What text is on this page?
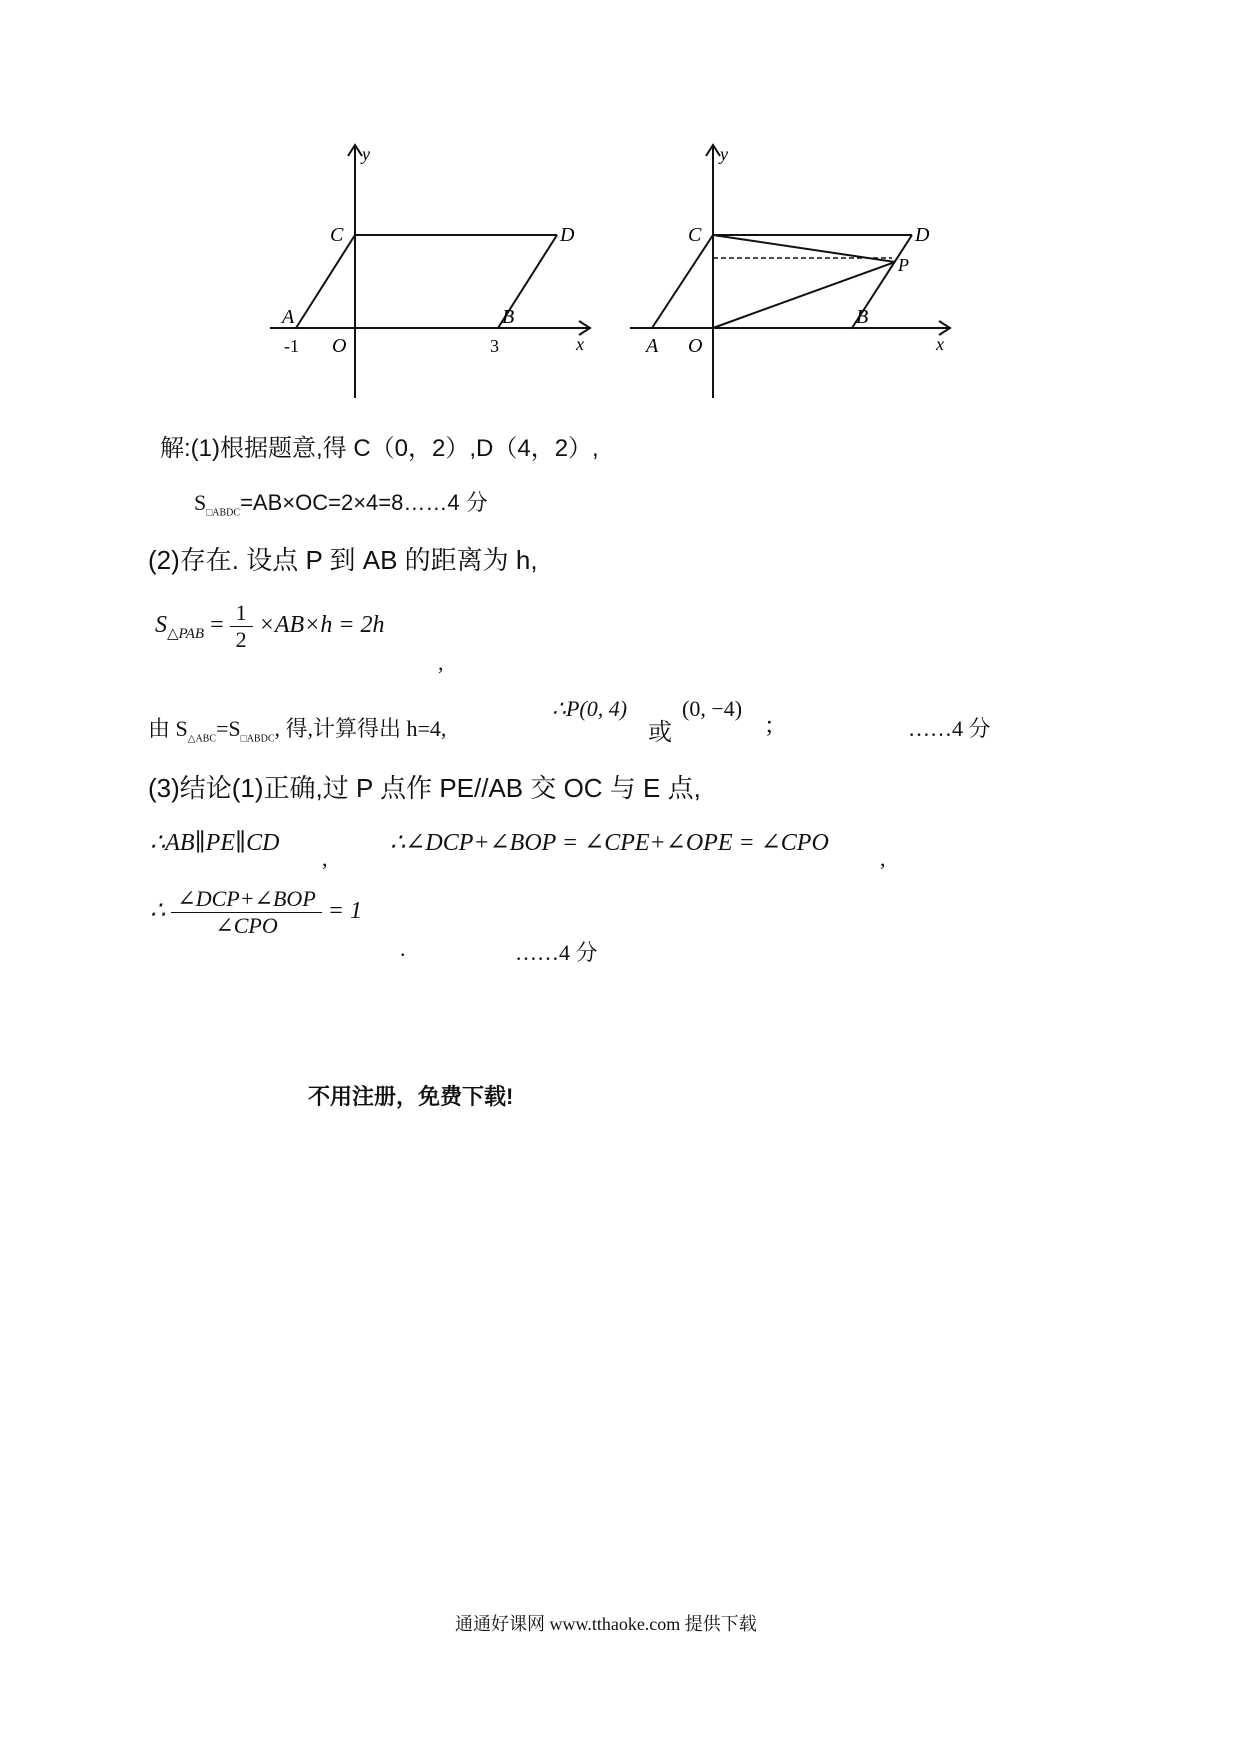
y
x
C	D
A	B
O
-1	3
y
x
C	D
P
A
B
O
解:(1)根据题意,得 C（0，2）,D（4，2）,
$S_{□ABDC}=AB\times OC=2\times 4=8\dots\dots 4$ 分
(2)存在. 设点 P 到 AB 的距离为 h,
$S_{\triangle PAB} = \frac{1}{2} \times AB\times h = 2h$
,
由 $S_{\triangle ABC}=S_{□ABDC}$, 得,计算得出 h=4,
∴P(0, 4)
或
(0, −4)
;	……4 分
(3)结论(1)正确,过 P 点作 PE//AB 交 OC 与 E 点,
∴AB∥PE∥CD
,
∴∠DCP+∠BOP = ∠CPE+∠OPE = ∠CPO
,
∴ $\frac{\text{∠DCP+∠BOP}}{\text{∠CPO}} = 1$
.	……4 分
不用注册，免费下载!
通通好课网 www.tthaoke.com 提供下载
